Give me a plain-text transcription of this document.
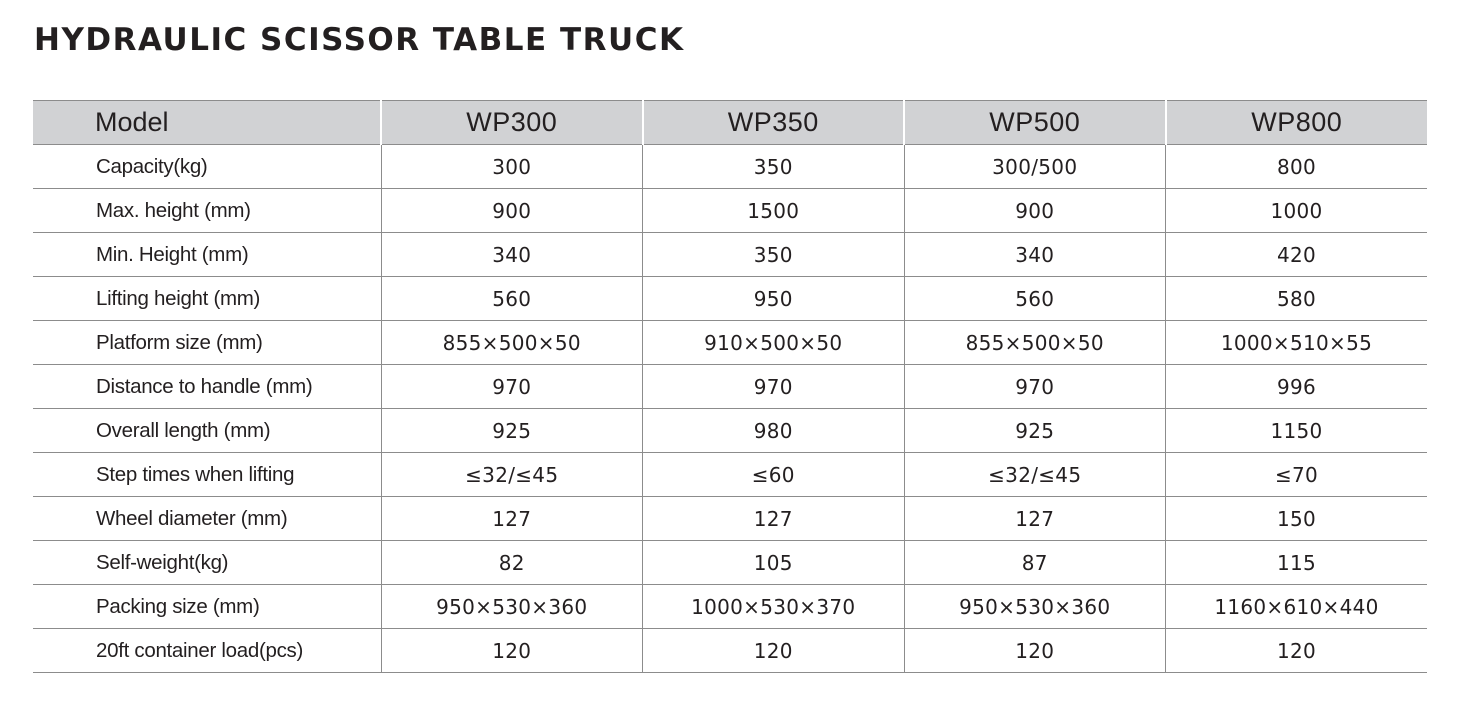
HYDRAULIC SCISSOR TABLE TRUCK
Model	WP300	WP350	WP500	WP800
Capacity(kg)	300	350	300/500	800
Max. height (mm)	900	1500	900	1000
Min. Height (mm)	340	350	340	420
Lifting height (mm)	560	950	560	580
Platform size (mm)	855×500×50	910×500×50	855×500×50	1000×510×55
Distance to handle (mm)	970	970	970	996
Overall length (mm)	925	980	925	1150
Step times when lifting	≤32/≤45	≤60	≤32/≤45	≤70
Wheel diameter (mm)	127	127	127	150
Self-weight(kg)	82	105	87	115
Packing size (mm)	950×530×360	1000×530×370	950×530×360	1160×610×440
20ft container load(pcs)	120	120	120	120
